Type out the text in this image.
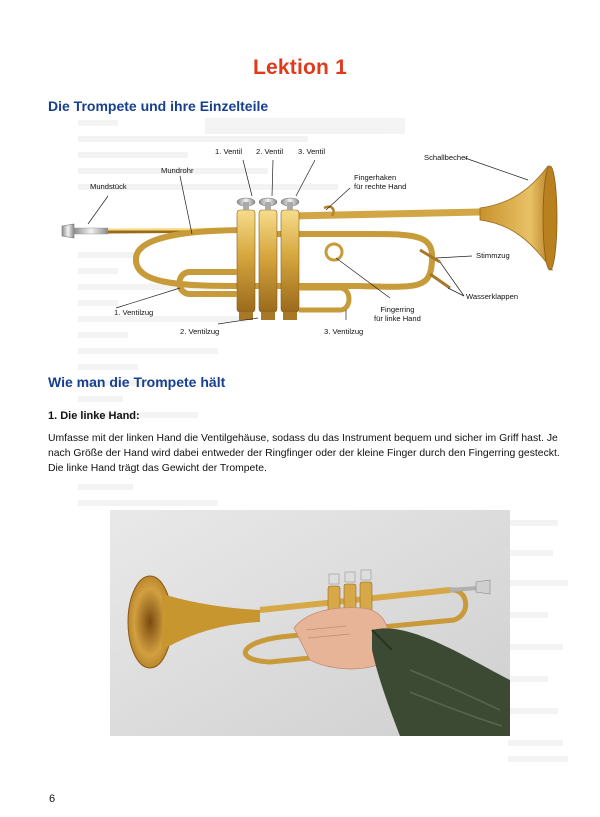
Lektion 1
Die Trompete und ihre Einzelteile
1. Ventil 2. Ventil 3. Ventil
Schallbecher
Mundrohr
Mundstück
Fingerhaken
für rechte Hand
Stimmzug
Wasserklappen
Fingerring
für linke Hand
1. Ventilzug
2. Ventilzug	3. Ventilzug
Wie man die Trompete hält
1. Die linke Hand:
Umfasse mit der linken Hand die Ventilgehäuse, sodass du das Instrument bequem und sicher im Griff hast. Je nach Größe der Hand wird dabei entweder der Ringfinger oder der kleine Finger durch den Fingerring gesteckt. Die linke Hand trägt das Gewicht der Trompete.
6
